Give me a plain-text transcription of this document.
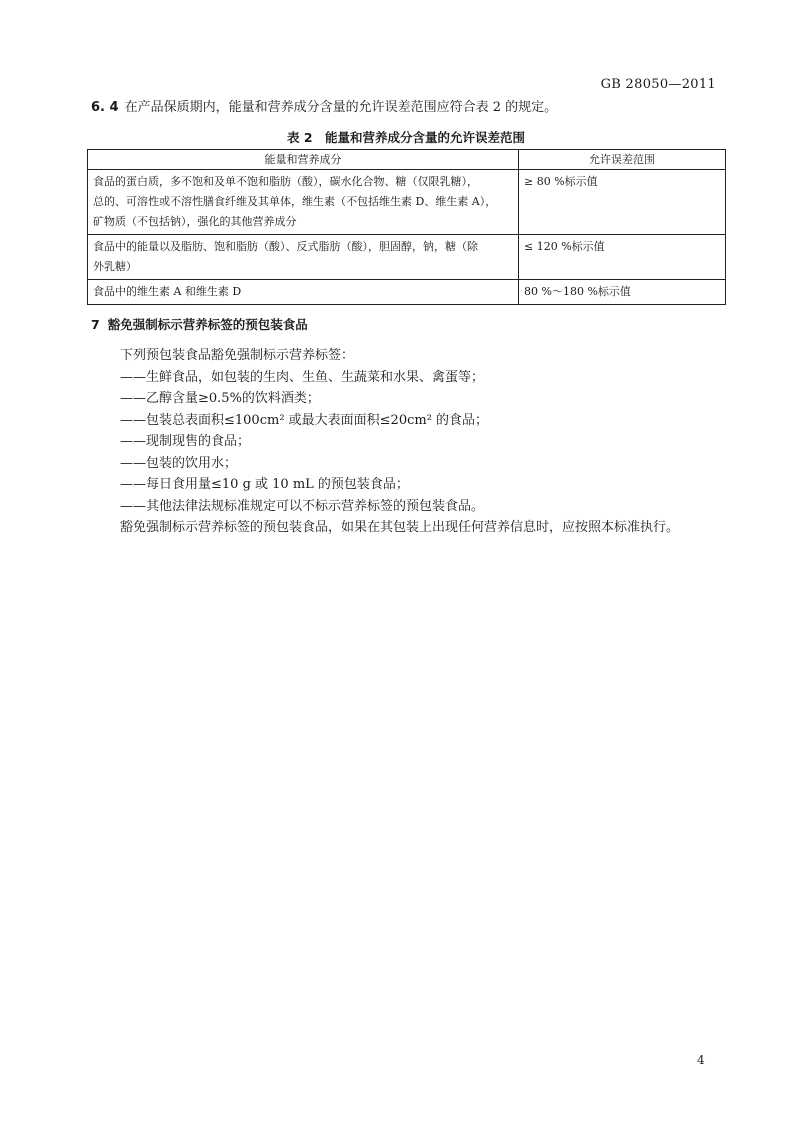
GB 28050—2011
6. 4 在产品保质期内，能量和营养成分含量的允许误差范围应符合表 2 的规定。
表 2　能量和营养成分含量的允许误差范围
能量和营养成分	允许误差范围

食品的蛋白质，多不饱和及单不饱和脂肪（酸），碳水化合物、糖（仅限乳糖），
总的、可溶性或不溶性膳食纤维及其单体，维生素（不包括维生素 D、维生素 A），
矿物质（不包括钠），强化的其他营养成分	≥ 80 %标示值

食品中的能量以及脂肪、饱和脂肪（酸）、反式脂肪（酸），胆固醇，钠，糖（除
外乳糖）	≤ 120 %标示值

食品中的维生素 A 和维生素 D	80 %～180 %标示值
7 豁免强制标示营养标签的预包装食品
下列预包装食品豁免强制标示营养标签：
——生鲜食品，如包装的生肉、生鱼、生蔬菜和水果、禽蛋等；
——乙醇含量≥0.5%的饮料酒类；
——包装总表面积≤100cm² 或最大表面面积≤20cm² 的食品；
——现制现售的食品；
——包装的饮用水；
——每日食用量≤10 g 或 10 mL 的预包装食品；
——其他法律法规标准规定可以不标示营养标签的预包装食品。
豁免强制标示营养标签的预包装食品，如果在其包装上出现任何营养信息时，应按照本标准执行。
4
